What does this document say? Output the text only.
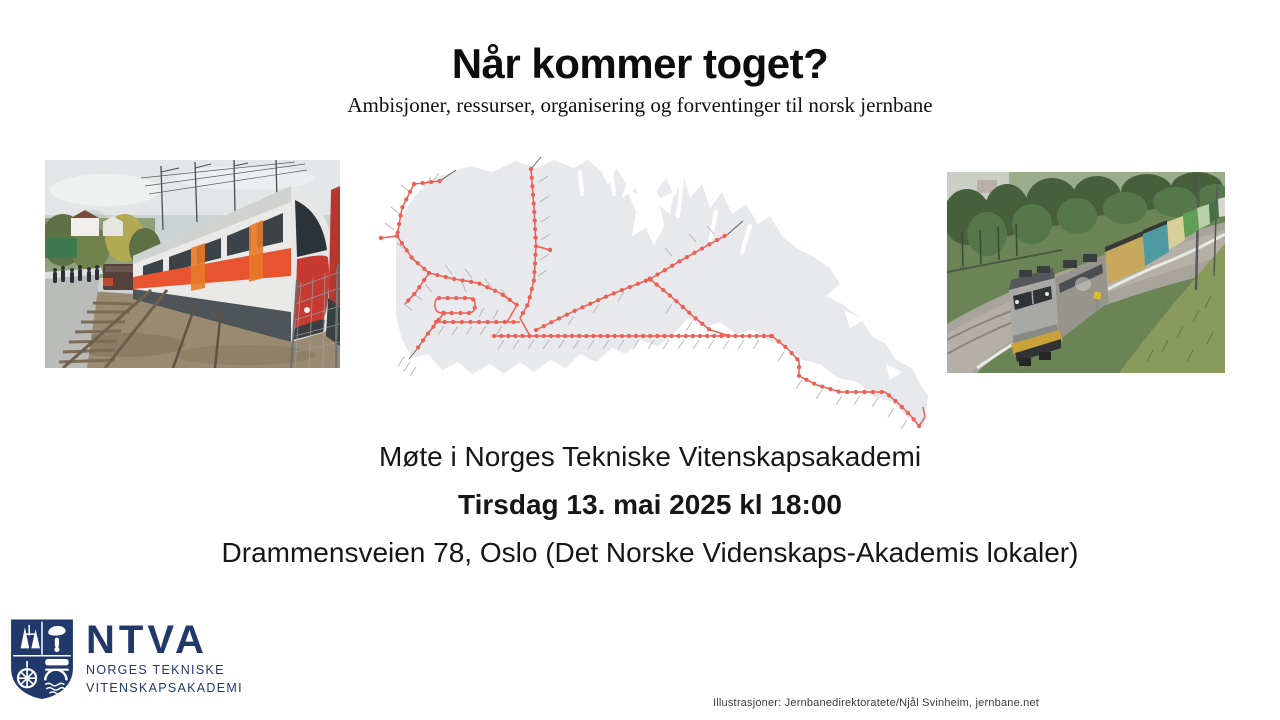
Når kommer toget?
Ambisjoner, ressurser, organisering og forventinger til norsk jernbane
Møte i Norges Tekniske Vitenskapsakademi
Tirsdag 13. mai 2025 kl 18:00
Drammensveien 78, Oslo (Det Norske Videnskaps-Akademis lokaler)
NTVA
NORGES TEKNISKE
VITENSKAPSAKADEMI
Illustrasjoner: Jernbanedirektoratete/Njål Svinheim, jernbane.net
